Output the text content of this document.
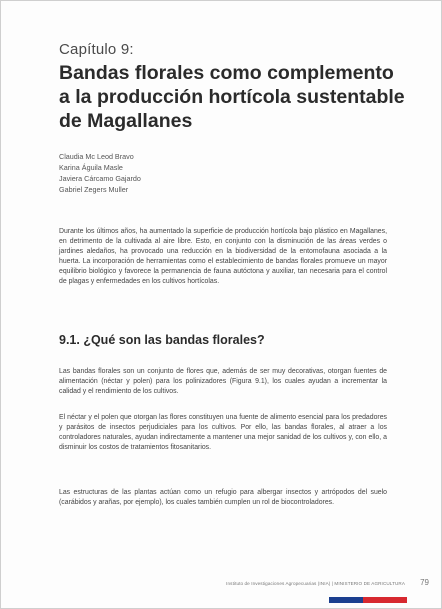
Capítulo 9:
Bandas florales como complemento a la producción hortícola sustentable de Magallanes
Claudia Mc Leod Bravo
Karina Águila Masle
Javiera Cárcamo Gajardo
Gabriel Zegers Muller

Durante los últimos años, ha aumentado la superficie de producción hortícola bajo plástico en Magallanes, en detrimento de la cultivada al aire libre. Esto, en conjunto con la disminución de las áreas verdes o jardines aledaños, ha provocado una reducción en la biodiversidad de la entomofauna asociada a la huerta. La incorporación de herramientas como el establecimiento de bandas florales promueve un mayor equilibrio biológico y favorece la permanencia de fauna autóctona y auxiliar, tan necesaria para el control de plagas y enfermedades en los cultivos hortícolas.

9.1. ¿Qué son las bandas florales?

Las bandas florales son un conjunto de flores que, además de ser muy decorativas, otorgan fuentes de alimentación (néctar y polen) para los polinizadores (Figura 9.1), los cuales ayudan a incrementar la calidad y el rendimiento de los cultivos.

El néctar y el polen que otorgan las flores constituyen una fuente de alimento esencial para los predadores y parásitos de insectos perjudiciales para los cultivos. Por ello, las bandas florales, al atraer a los controladores naturales, ayudan indirectamente a mantener una mejor sanidad de los cultivos y, con ello, a disminuir los costos de tratamientos fitosanitarios.

Las estructuras de las plantas actúan como un refugio para albergar insectos y artrópodos del suelo (carábidos y arañas, por ejemplo), los cuales también cumplen un rol de biocontroladores.

Instituto de Investigaciones Agropecuarias (INIA) | MINISTERIO DE AGRICULTURA 79
